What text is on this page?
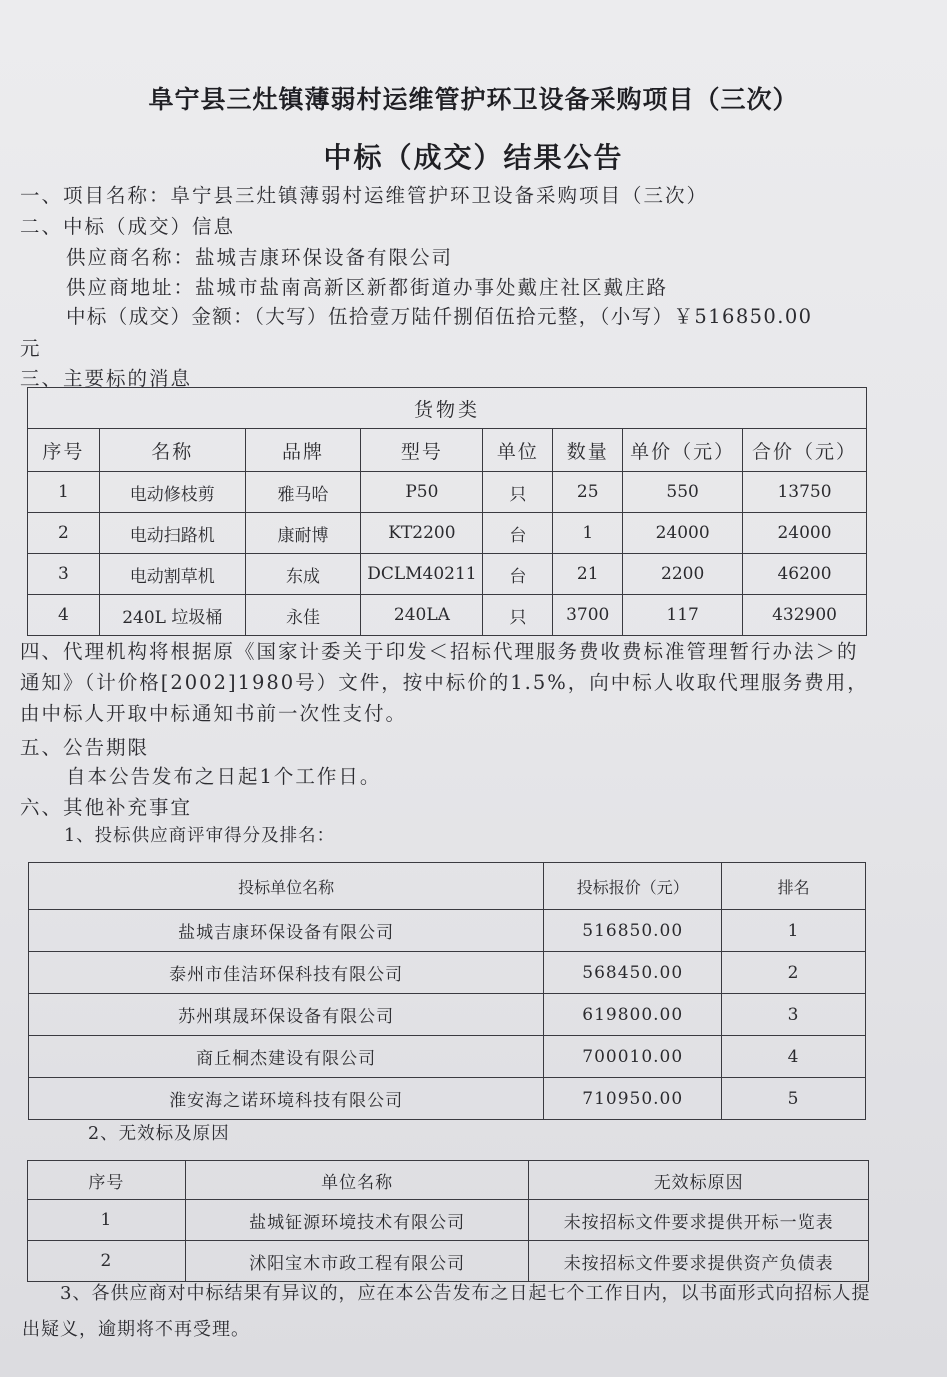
阜宁县三灶镇薄弱村运维管护环卫设备采购项目（三次）
中标（成交）结果公告
一、项目名称：阜宁县三灶镇薄弱村运维管护环卫设备采购项目（三次）
二、中标（成交）信息
供应商名称：盐城吉康环保设备有限公司
供应商地址：盐城市盐南高新区新都街道办事处戴庄社区戴庄路
中标（成交）金额：（大写）伍拾壹万陆仟捌佰伍拾元整，（小写）￥516850.00
元
三、主要标的消息
货物类							
序号	名称	品牌	型号	单位	数量	单价（元）	合价（元）
1	电动修枝剪	雅马哈	P50	只	25	550	13750
2	电动扫路机	康耐博	KT2200	台	1	24000	24000
3	电动割草机	东成	DCLM40211	台	21	2200	46200
4	240L 垃圾桶	永佳	240LA	只	3700	117	432900
四、代理机构将根据原《国家计委关于印发＜招标代理服务费收费标准管理暂行办法＞的通知》（计价格[2002]1980号）文件，按中标价的1.5%，向中标人收取代理服务费用，由中标人开取中标通知书前一次性支付。
五、公告期限
自本公告发布之日起1个工作日。
六、其他补充事宜
1、投标供应商评审得分及排名：
投标单位名称	投标报价（元）	排名
盐城吉康环保设备有限公司	516850.00	1
泰州市佳洁环保科技有限公司	568450.00	2
苏州琪晟环保设备有限公司	619800.00	3
商丘桐杰建设有限公司	700010.00	4
淮安海之诺环境科技有限公司	710950.00	5
2、无效标及原因
序号	单位名称	无效标原因
1	盐城钲源环境技术有限公司	未按招标文件要求提供开标一览表
2	沭阳宝木市政工程有限公司	未按招标文件要求提供资产负债表
3、各供应商对中标结果有异议的，应在本公告发布之日起七个工作日内，以书面形式向招标人提出疑义，逾期将不再受理。
